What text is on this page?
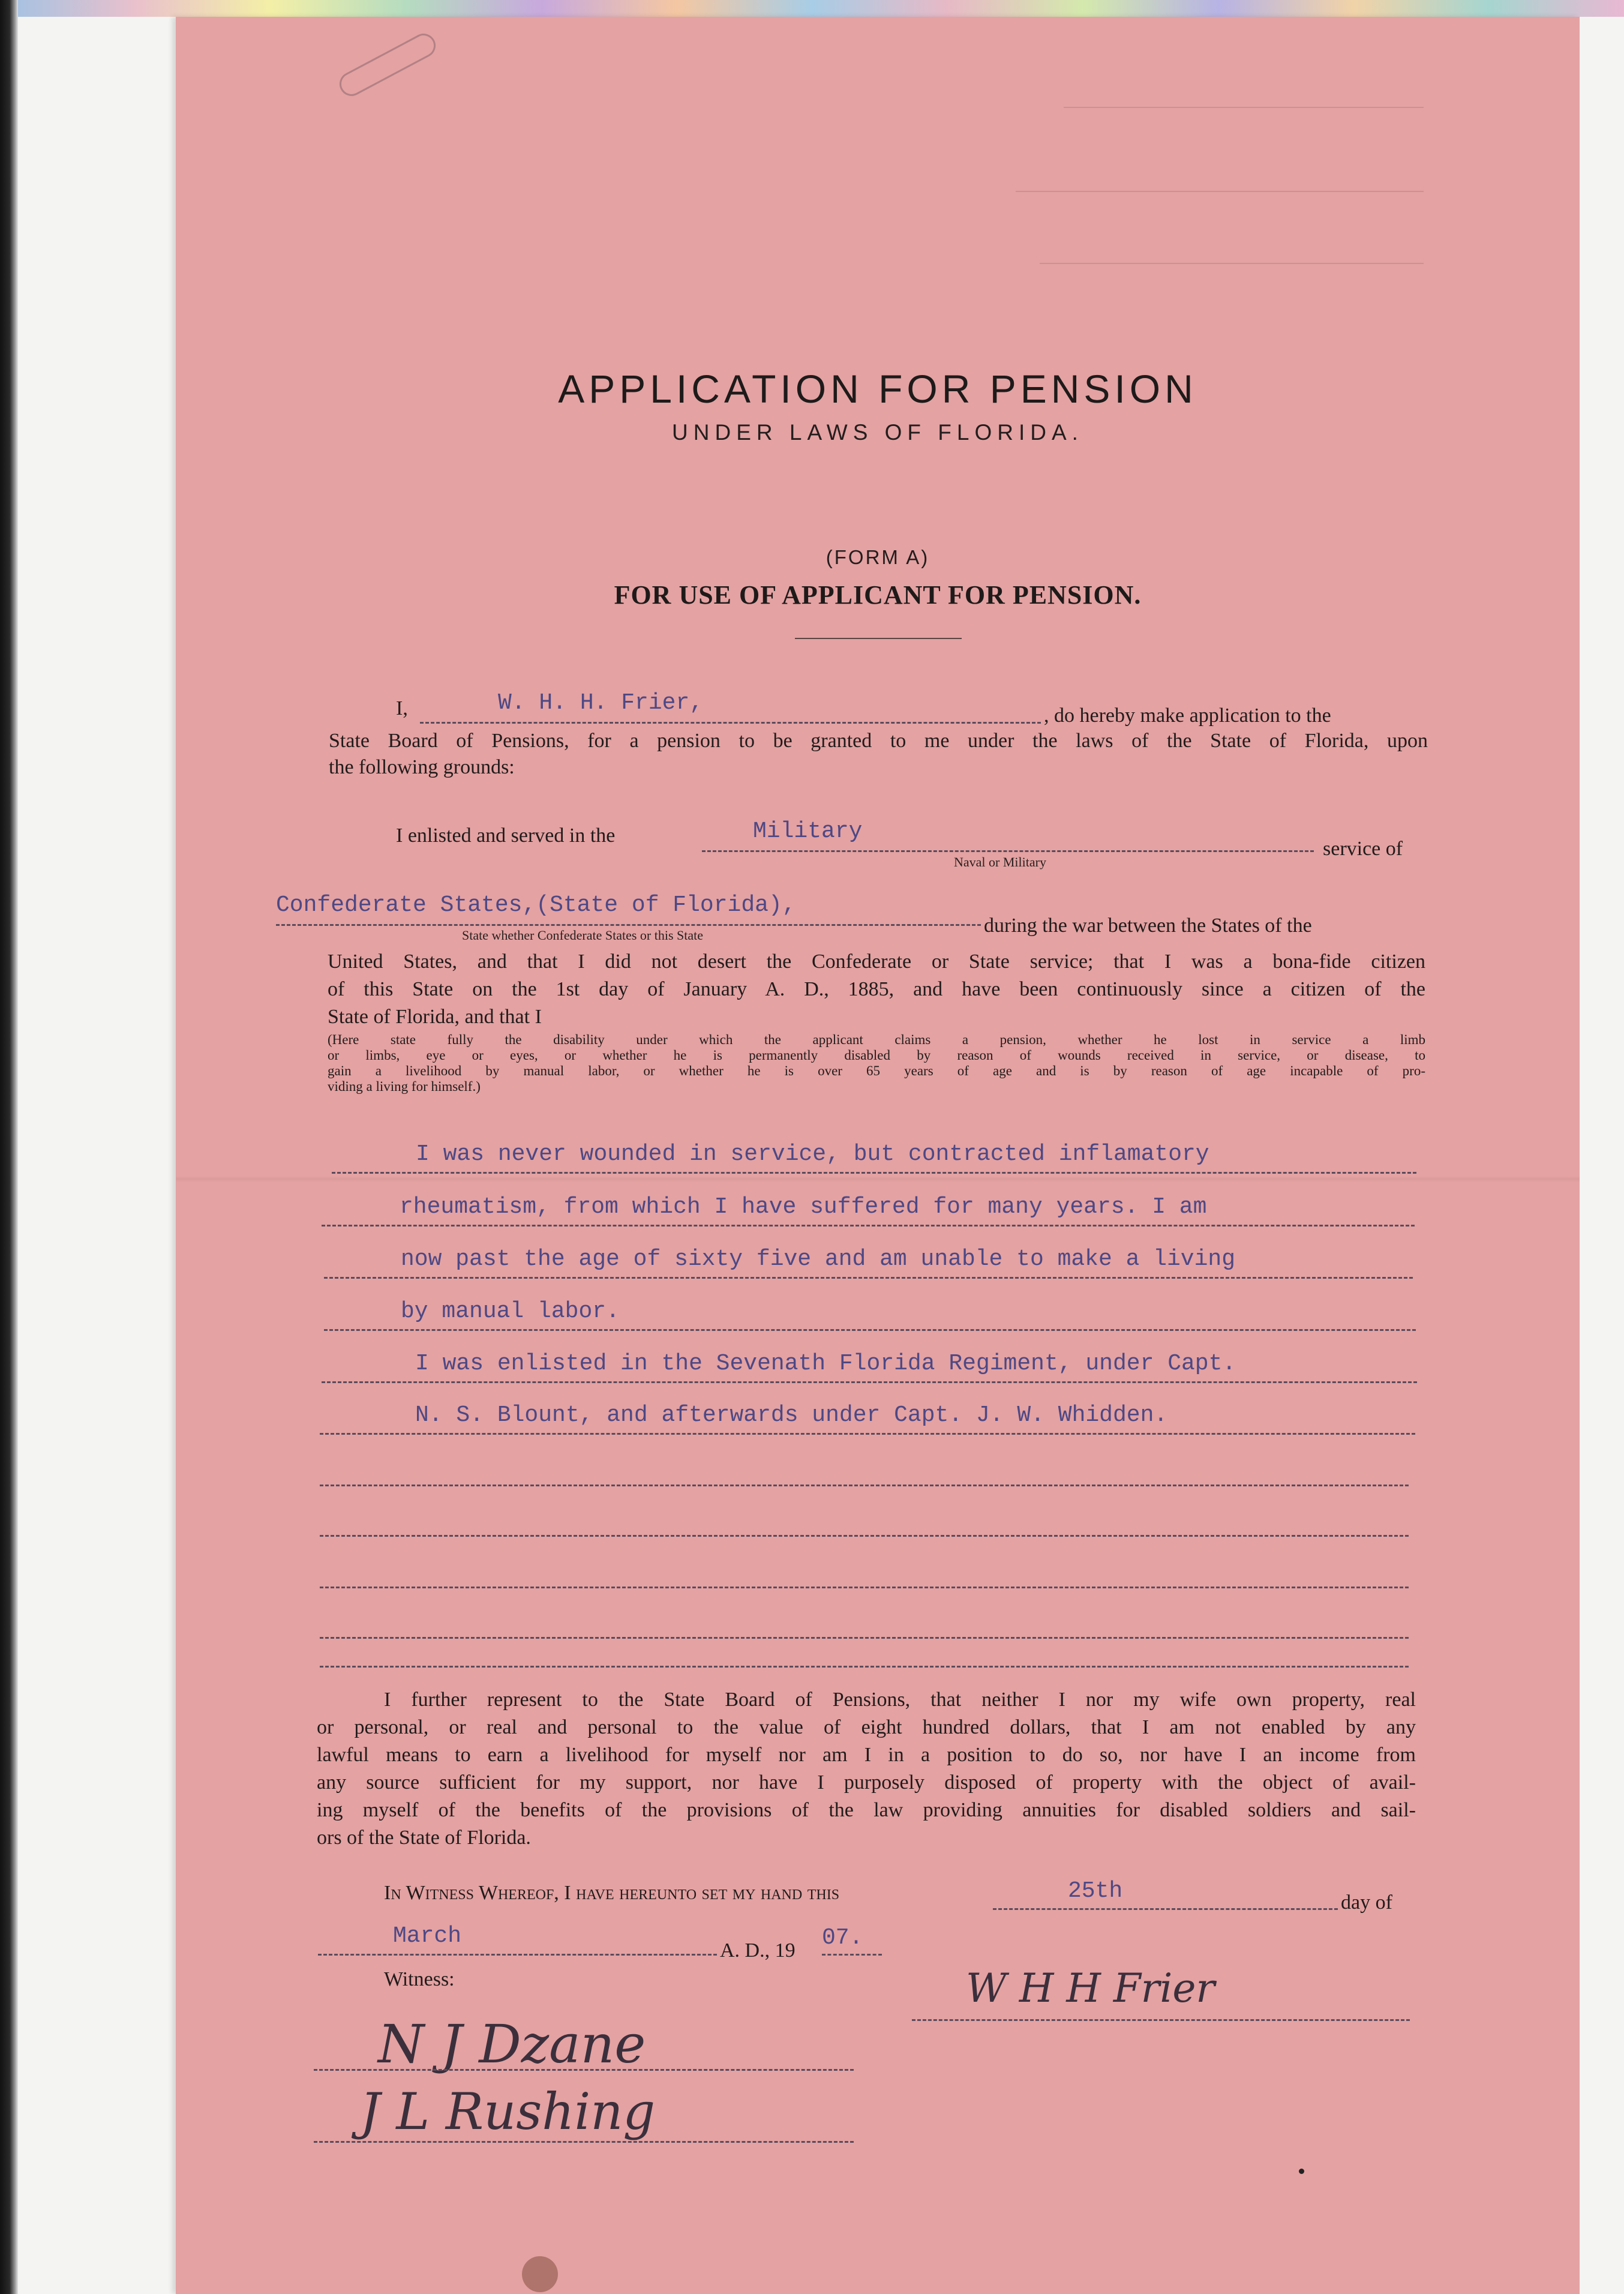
APPLICATION FOR PENSION
UNDER LAWS OF FLORIDA.
(FORM A)
FOR USE OF APPLICANT FOR PENSION.
I,	W. H. H. Frier,	, do hereby make application to the
State Board of Pensions, for a pension to be granted to me under the laws of the State of Florida, upon
the following grounds:
I enlisted and served in the	Military
service of
Naval or Military
Confederate States,(State of Florida),
during the war between the States of the
State whether Confederate States or this State
United States, and that I did not desert the Confederate or State service; that I was a bona-fide citizen
of this State on the 1st day of January A. D., 1885, and have been continuously since a citizen of the
State of Florida, and that I
(Here state fully the disability under which the applicant claims a pension, whether he lost in service a limb
or limbs, eye or eyes, or whether he is permanently disabled by reason of wounds received in service, or disease, to
gain a livelihood by manual labor, or whether he is over 65 years of age and is by reason of age incapable of pro-
viding a living for himself.)
I was never wounded in service, but contracted inflamatory
rheumatism, from which I have suffered for many years. I am
now past the age of sixty five and am unable to make a living
by manual labor.
I was enlisted in the Sevenath Florida Regiment, under Capt.
N. S. Blount, and afterwards under Capt. J. W. Whidden.
I further represent to the State Board of Pensions, that neither I nor my wife own property, real
or personal, or real and personal to the value of eight hundred dollars, that I am not enabled by any
lawful means to earn a livelihood for myself nor am I in a position to do so, nor have I an income from
any source sufficient for my support, nor have I purposely disposed of property with the object of avail-
ing myself of the benefits of the provisions of the law providing annuities for disabled soldiers and sail-
ors of the State of Florida.
In Witness Whereof, I have hereunto set my hand this	25th	day of
March
A. D., 19 07.
Witness:	W H H Frier
N J Dzane
J L Rushing
